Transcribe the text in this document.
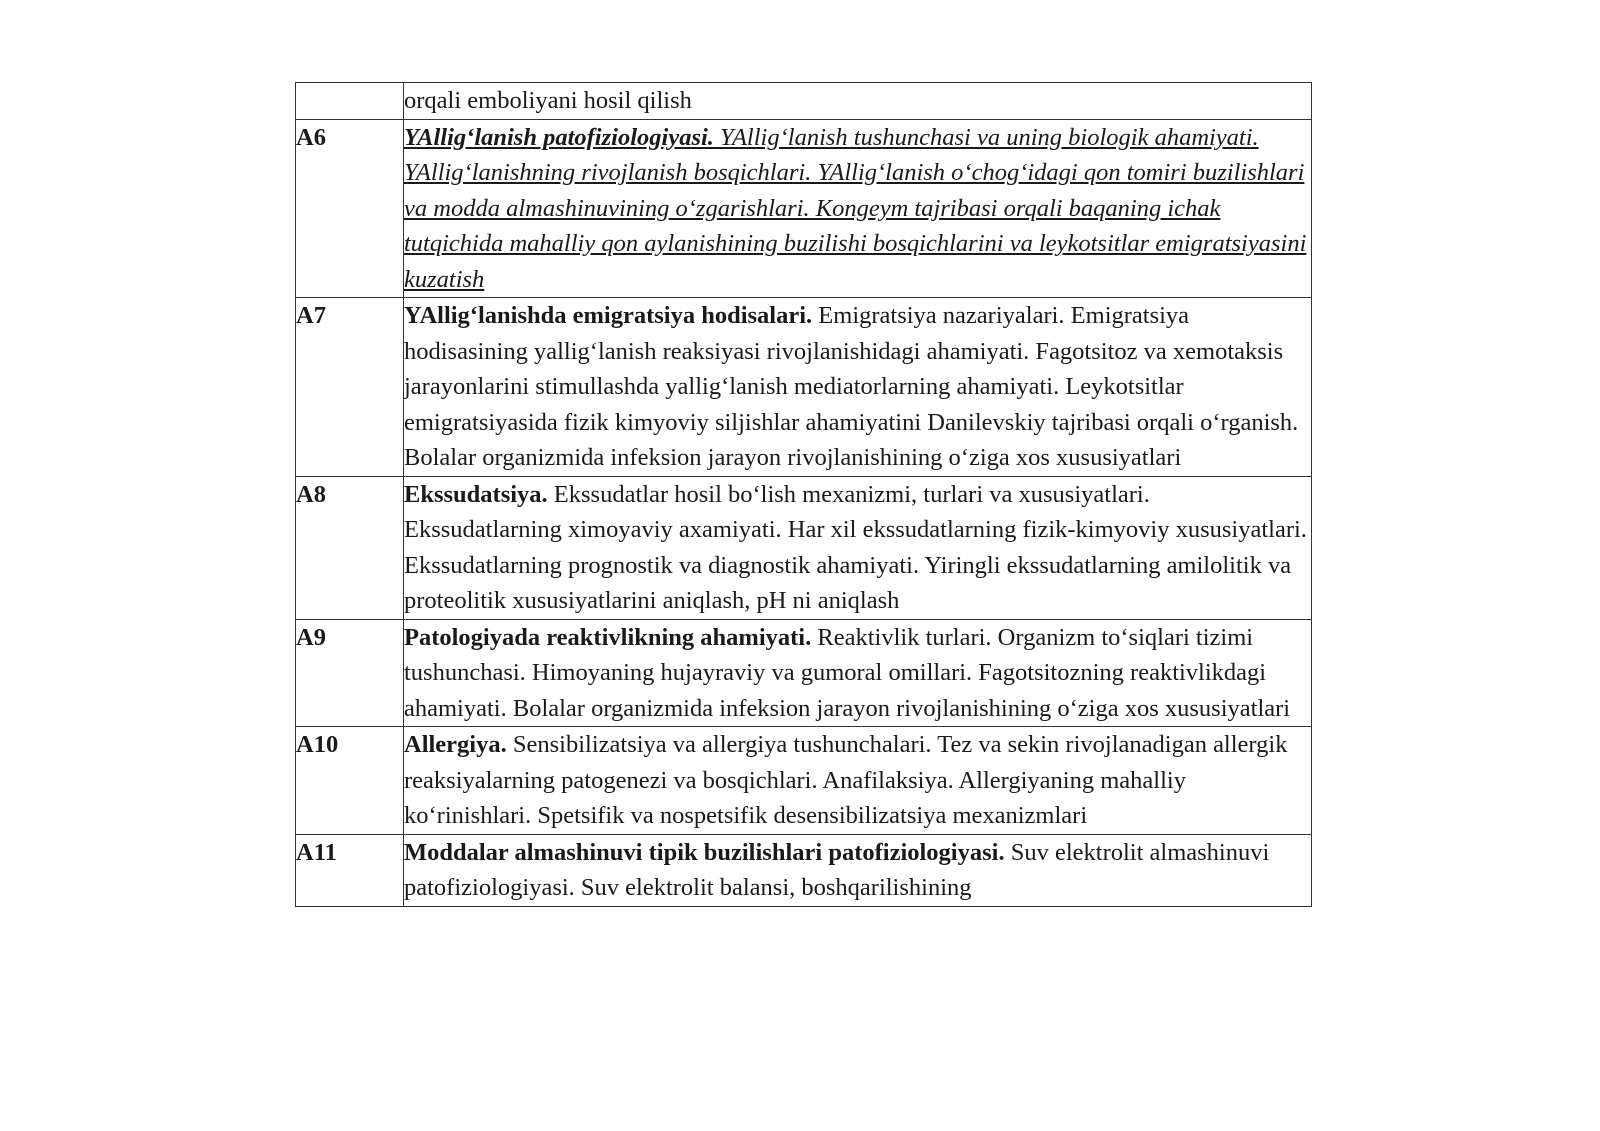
	orqali emboliyani hosil qilish
A6	YAllig‘lanish patofiziologiyasi. YAllig‘lanish tushunchasi va uning biologik ahamiyati. YAllig‘lanishning rivojlanish bosqichlari. YAllig‘lanish o‘chog‘idagi qon tomiri buzilishlari va modda almashinuvining o‘zgarishlari. Kongeym tajribasi orqali baqaning ichak tutqichida mahalliy qon aylanishining buzilishi bosqichlarini va leykotsitlar emigratsiyasini kuzatish
A7	YAllig‘lanishda emigratsiya hodisalari. Emigratsiya nazariyalari. Emigratsiya hodisasining yallig‘lanish reaksiyasi rivojlanishidagi ahamiyati. Fagotsitoz va xemotaksis jarayonlarini stimullashda yallig‘lanish mediatorlarning ahamiyati. Leykotsitlar emigratsiyasida fizik kimyoviy siljishlar ahamiyatini Danilevskiy tajribasi orqali o‘rganish. Bolalar organizmida infeksion jarayon rivojlanishining o‘ziga xos xususiyatlari
A8	Ekssudatsiya. Ekssudatlar hosil bo‘lish mexanizmi, turlari va xususiyatlari. Ekssudatlarning ximoyaviy axamiyati. Har xil ekssudatlarning fizik-kimyoviy xususiyatlari. Ekssudatlarning prognostik va diagnostik ahamiyati. Yiringli ekssudatlarning amilolitik va proteolitik xususiyatlarini aniqlash, pH ni aniqlash
A9	Patologiyada reaktivlikning ahamiyati. Reaktivlik turlari. Organizm to‘siqlari tizimi tushunchasi. Himoyaning hujayraviy va gumoral omillari. Fagotsitozning reaktivlikdagi ahamiyati. Bolalar organizmida infeksion jarayon rivojlanishining o‘ziga xos xususiyatlari
A10	Allergiya. Sensibilizatsiya va allergiya tushunchalari. Tez va sekin rivojlanadigan allergik reaksiyalarning patogenezi va bosqichlari. Anafilaksiya. Allergiyaning mahalliy ko‘rinishlari. Spetsifik va nospetsifik desensibilizatsiya mexanizmlari
A11	Moddalar almashinuvi tipik buzilishlari patofiziologiyasi. Suv elektrolit almashinuvi patofiziologiyasi. Suv elektrolit balansi, boshqarilishining
